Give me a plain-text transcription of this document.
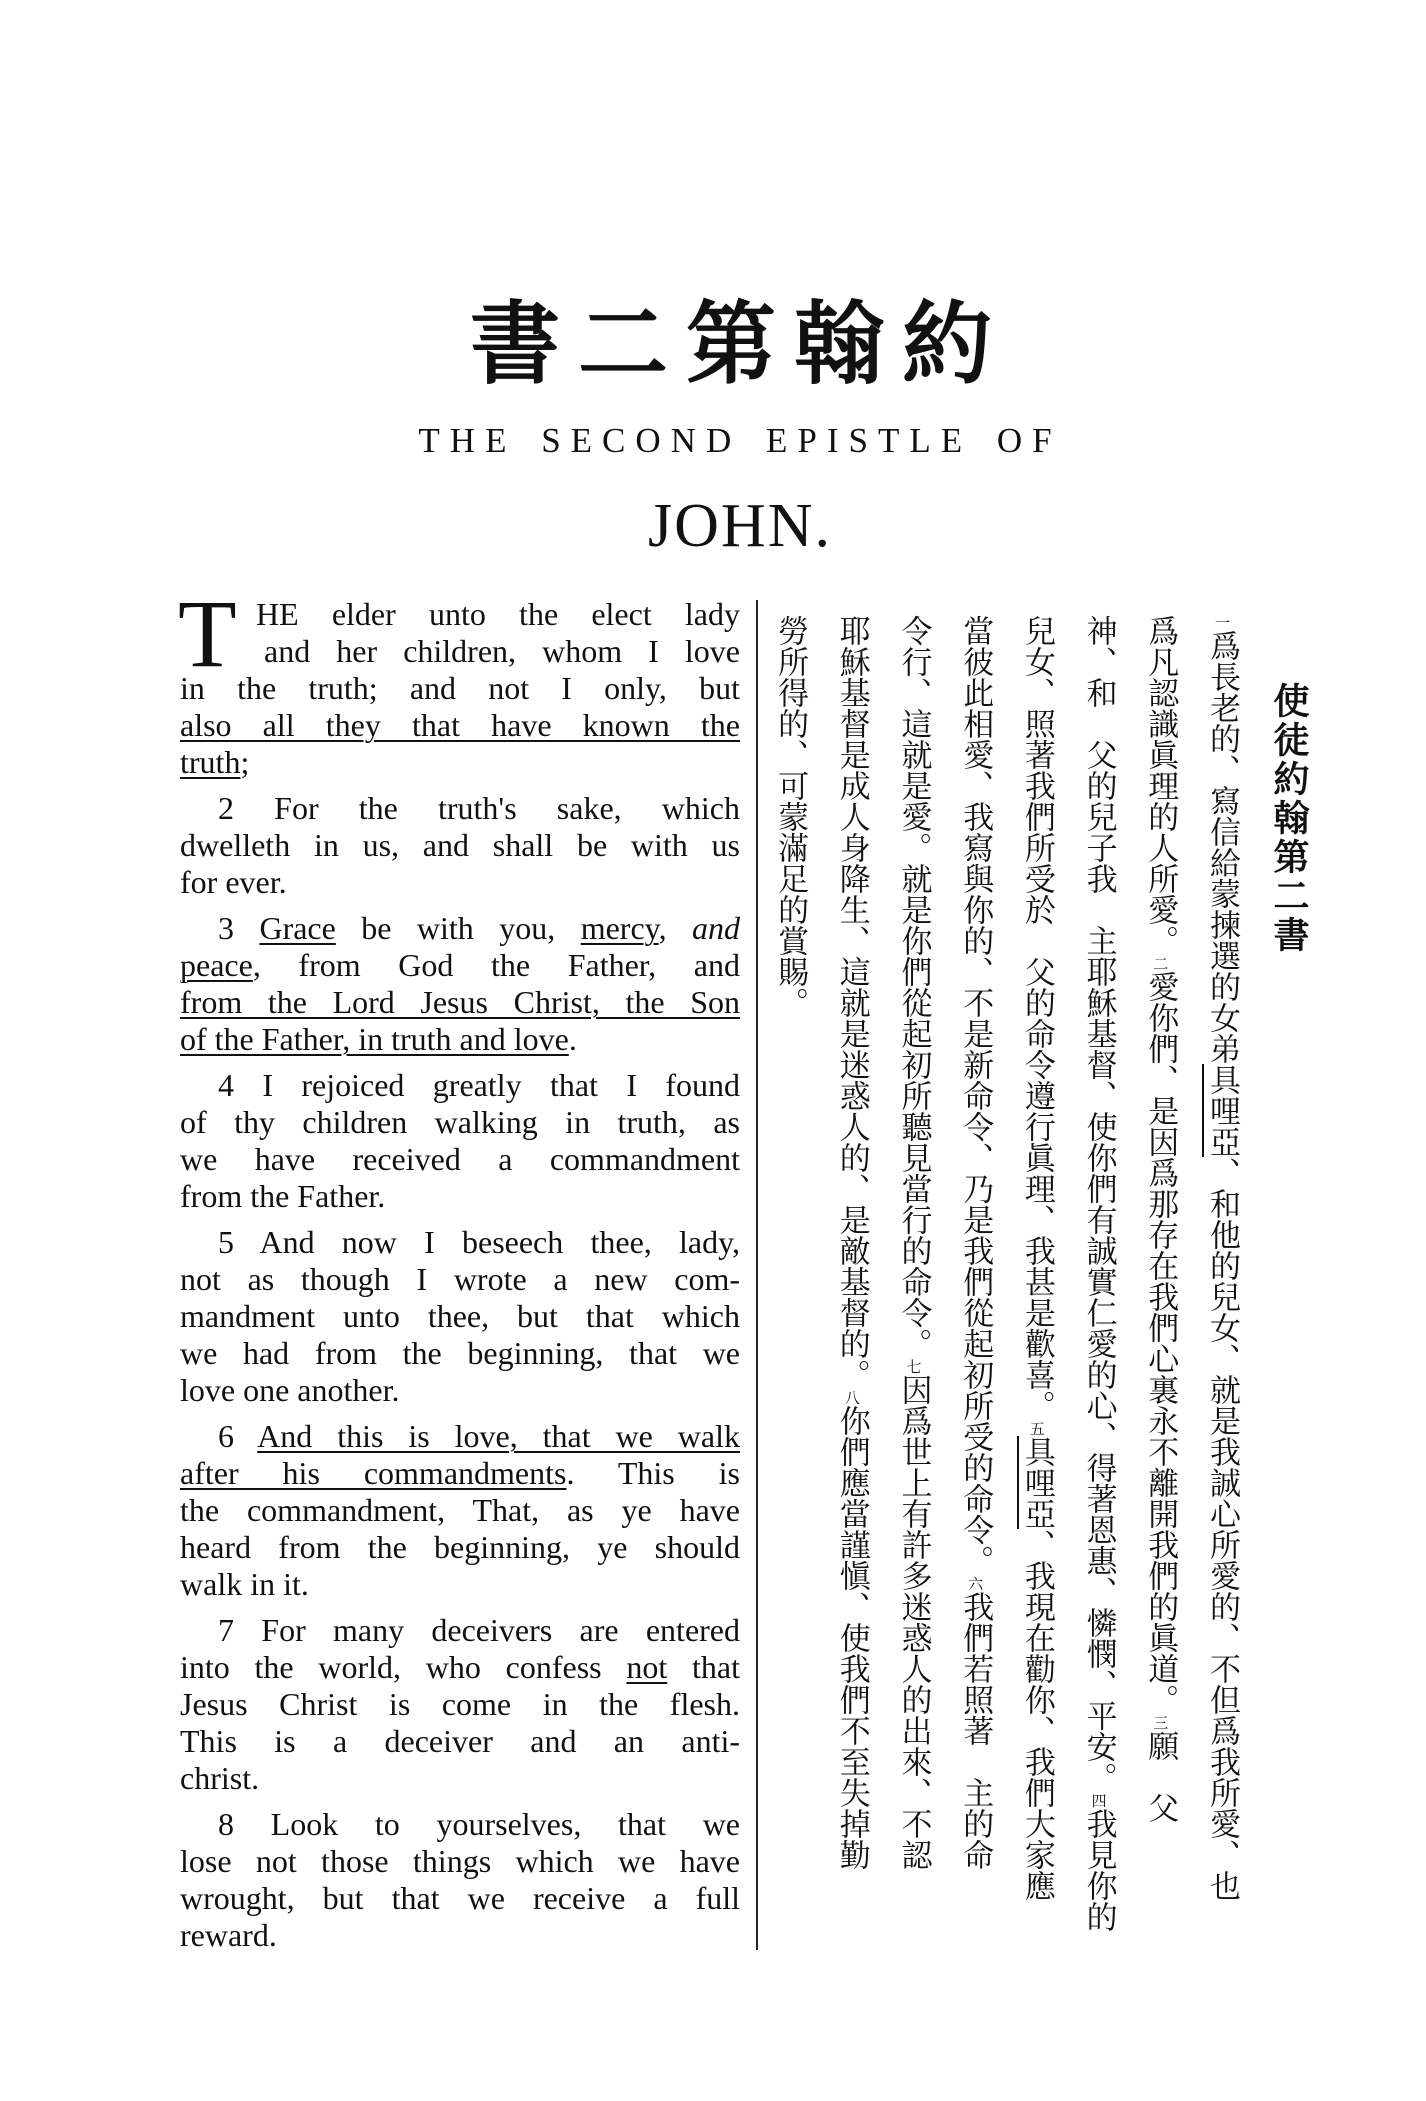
約翰第二書
THE SECOND EPISTLE OF
JOHN.
T HE elder unto the elect lady
and her children, whom I love
in the truth; and not I only, but
also all they that have known the
truth;
2 For the truth's sake, which
dwelleth in us, and shall be with us
for ever.
3 Grace be with you, mercy, and
peace, from God the Father, and
from the Lord Jesus Christ, the Son
of the Father, in truth and love.
4 I rejoiced greatly that I found
of thy children walking in truth, as
we have received a commandment
from the Father.
5 And now I beseech thee, lady,
not as though I wrote a new com-
mandment unto thee, but that which
we had from the beginning, that we
love one another.
6 And this is love, that we walk
after his commandments. This is
the commandment, That, as ye have
heard from the beginning, ye should
walk in it.
7 For many deceivers are entered
into the world, who confess not that
Jesus Christ is come in the flesh.
This is a deceiver and an anti-
christ.
8 Look to yourselves, that we
lose not those things which we have
wrought, but that we receive a full
reward.
使徒約翰第二書
一爲長老的、寫信給蒙揀選的女弟具哩亞、和他的兒女、就是我誠心所愛的、不但爲我所愛、也
爲凡認識眞理的人所愛。二愛你們、是因爲那存在我們心裏永不離開我們的眞道。三願　父
神、和　父的兒子我　主耶穌基督、使你們有誠實仁愛的心、得著恩惠、憐憫、平安。四我見你的
兒女、照著我們所受於　父的命令遵行眞理、我甚是歡喜。五具哩亞、我現在勸你、我們大家應
當彼此相愛、我寫與你的、不是新命令、乃是我們從起初所受的命令。六我們若照著　主的命
令行、這就是愛。就是你們從起初所聽見當行的命令。七因爲世上有許多迷惑人的出來、不認
耶穌基督是成人身降生、這就是迷惑人的、是敵基督的。八你們應當謹愼、使我們不至失掉勤
勞所得的、可蒙滿足的賞賜。
